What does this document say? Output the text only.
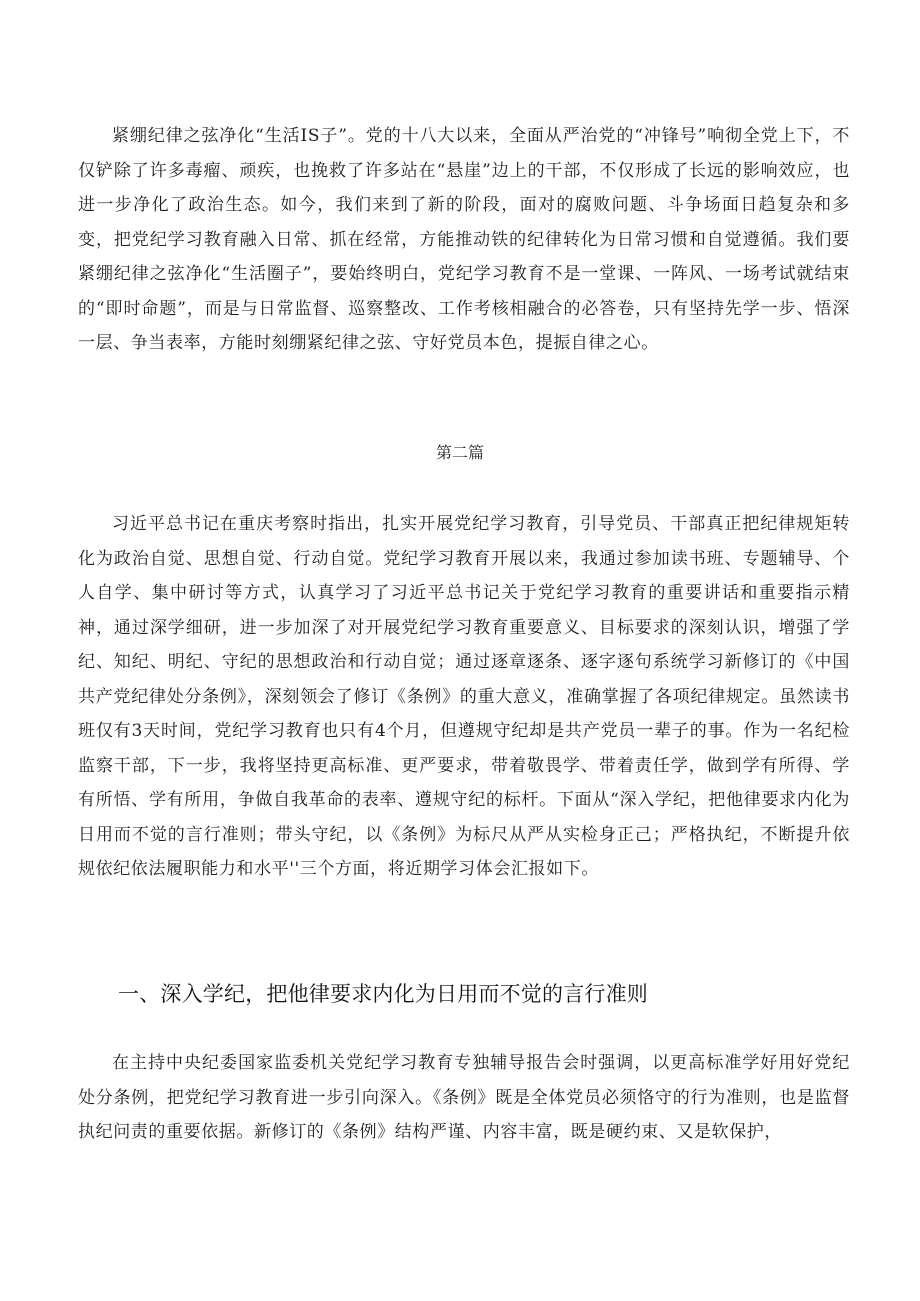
紧绷纪律之弦净化“生活IS子”。党的十八大以来，全面从严治党的“冲锋号”响彻全党上下，不仅铲除了许多毒瘤、顽疾，也挽救了许多站在“悬崖”边上的干部，不仅形成了长远的影响效应，也进一步净化了政治生态。如今，我们来到了新的阶段，面对的腐败问题、斗争场面日趋复杂和多变，把党纪学习教育融入日常、抓在经常，方能推动铁的纪律转化为日常习惯和自觉遵循。我们要紧绷纪律之弦净化“生活圈子”，要始终明白，党纪学习教育不是一堂课、一阵风、一场考试就结束的“即时命题”，而是与日常监督、巡察整改、工作考核相融合的必答卷，只有坚持先学一步、悟深一层、争当表率，方能时刻绷紧纪律之弦、守好党员本色，提振自律之心。

第二篇

习近平总书记在重庆考察时指出，扎实开展党纪学习教育，引导党员、干部真正把纪律规矩转化为政治自觉、思想自觉、行动自觉。党纪学习教育开展以来，我通过参加读书班、专题辅导、个人自学、集中研讨等方式，认真学习了习近平总书记关于党纪学习教育的重要讲话和重要指示精神，通过深学细研，进一步加深了对开展党纪学习教育重要意义、目标要求的深刻认识，增强了学纪、知纪、明纪、守纪的思想政治和行动自觉；通过逐章逐条、逐字逐句系统学习新修订的《中国共产党纪律处分条例》，深刻领会了修订《条例》的重大意义，准确掌握了各项纪律规定。虽然读书班仅有3天时间，党纪学习教育也只有4个月，但遵规守纪却是共产党员一辈子的事。作为一名纪检监察干部，下一步，我将坚持更高标准、更严要求，带着敬畏学、带着责任学，做到学有所得、学有所悟、学有所用，争做自我革命的表率、遵规守纪的标杆。下面从“深入学纪，把他律要求内化为日用而不觉的言行准则；带头守纪，以《条例》为标尺从严从实检身正己；严格执纪，不断提升依规依纪依法履职能力和水平''三个方面，将近期学习体会汇报如下。

一、深入学纪，把他律要求内化为日用而不觉的言行准则

在主持中央纪委国家监委机关党纪学习教育专独辅导报告会时强调，以更高标准学好用好党纪处分条例，把党纪学习教育进一步引向深入。《条例》既是全体党员必须恪守的行为准则，也是监督执纪问责的重要依据。新修订的《条例》结构严谨、内容丰富，既是硬约束、又是软保护，
